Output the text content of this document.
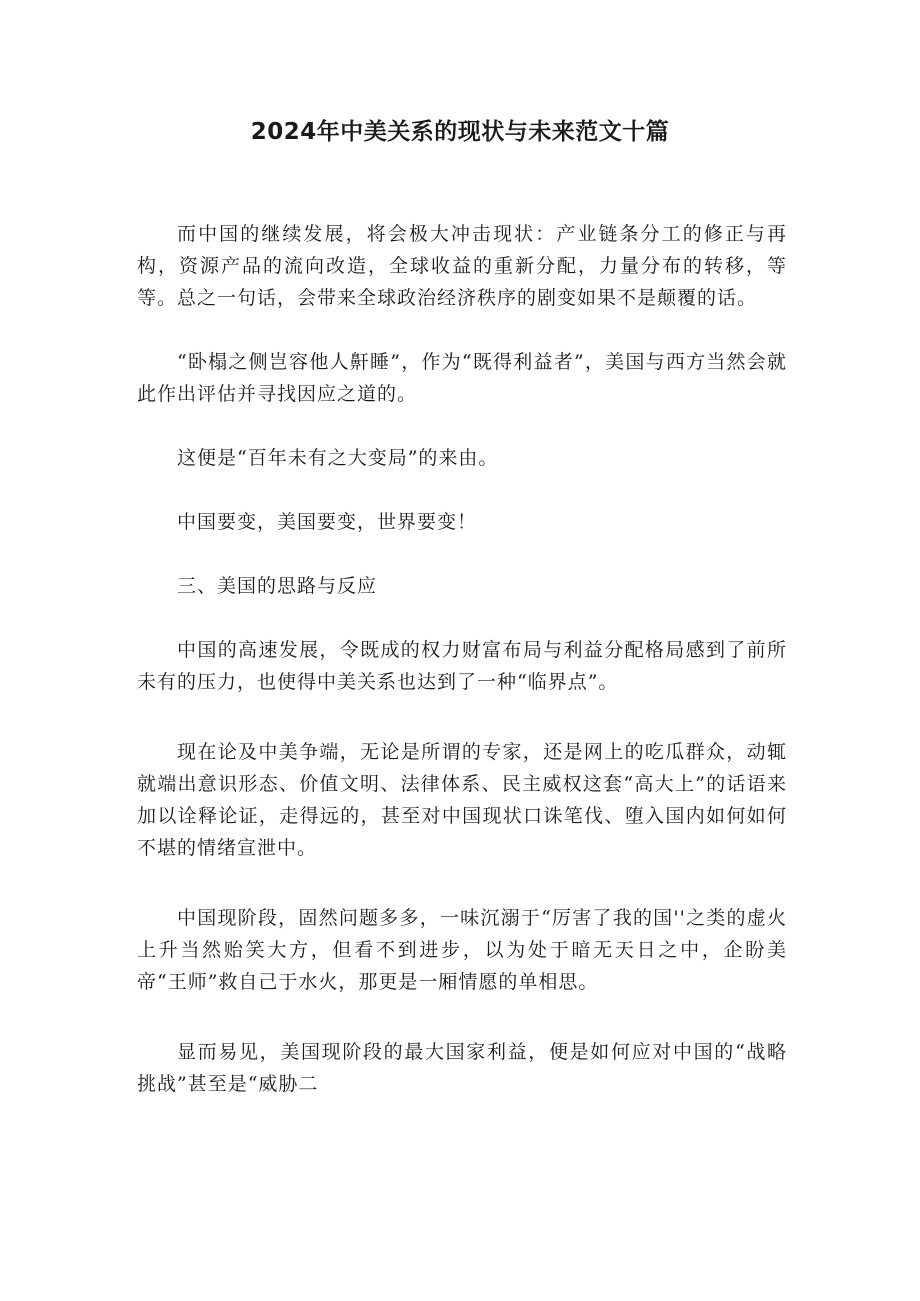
2024年中美关系的现状与未来范文十篇

而中国的继续发展，将会极大冲击现状：产业链条分工的修正与再构，资源产品的流向改造，全球收益的重新分配，力量分布的转移，等等。总之一句话，会带来全球政治经济秩序的剧变如果不是颠覆的话。

“卧榻之侧岂容他人鼾睡”，作为“既得利益者”，美国与西方当然会就此作出评估并寻找因应之道的。

这便是“百年未有之大变局”的来由。

中国要变，美国要变，世界要变！

三、美国的思路与反应

中国的高速发展，令既成的权力财富布局与利益分配格局感到了前所未有的压力，也使得中美关系也达到了一种“临界点”。

现在论及中美争端，无论是所谓的专家，还是网上的吃瓜群众，动辄就端出意识形态、价值文明、法律体系、民主威权这套“高大上”的话语来加以诠释论证，走得远的，甚至对中国现状口诛笔伐、堕入国内如何如何不堪的情绪宣泄中。

中国现阶段，固然问题多多，一味沉溺于“厉害了我的国''之类的虚火上升当然贻笑大方，但看不到进步，以为处于暗无天日之中，企盼美帝“王师”救自己于水火，那更是一厢情愿的单相思。

显而易见，美国现阶段的最大国家利益，便是如何应对中国的“战略挑战”甚至是“威胁二
